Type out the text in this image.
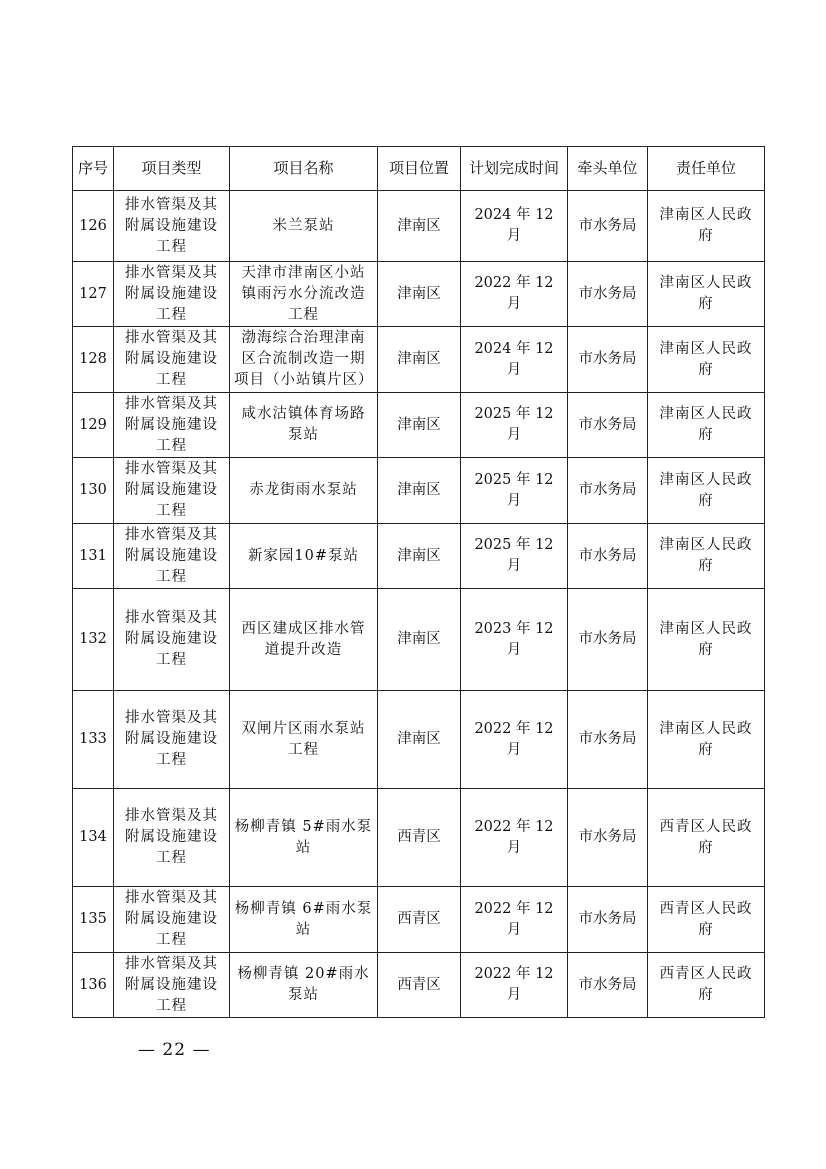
序号	项目类型	项目名称	项目位置	计划完成时间	牵头单位	责任单位
126	排水管渠及其附属设施建设工程	米兰泵站	津南区	2024 年 12 月	市水务局	津南区人民政府
127	排水管渠及其附属设施建设工程	天津市津南区小站镇雨污水分流改造工程	津南区	2022 年 12 月	市水务局	津南区人民政府
128	排水管渠及其附属设施建设工程	渤海综合治理津南区合流制改造一期项目（小站镇片区）	津南区	2024 年 12 月	市水务局	津南区人民政府
129	排水管渠及其附属设施建设工程	咸水沽镇体育场路泵站	津南区	2025 年 12 月	市水务局	津南区人民政府
130	排水管渠及其附属设施建设工程	赤龙街雨水泵站	津南区	2025 年 12 月	市水务局	津南区人民政府
131	排水管渠及其附属设施建设工程	新家园10#泵站	津南区	2025 年 12 月	市水务局	津南区人民政府
132	排水管渠及其附属设施建设工程	西区建成区排水管道提升改造	津南区	2023 年 12 月	市水务局	津南区人民政府
133	排水管渠及其附属设施建设工程	双闸片区雨水泵站工程	津南区	2022 年 12 月	市水务局	津南区人民政府
134	排水管渠及其附属设施建设工程	杨柳青镇 5#雨水泵站	西青区	2022 年 12 月	市水务局	西青区人民政府
135	排水管渠及其附属设施建设工程	杨柳青镇 6#雨水泵站	西青区	2022 年 12 月	市水务局	西青区人民政府
136	排水管渠及其附属设施建设工程	杨柳青镇 20#雨水泵站	西青区	2022 年 12 月	市水务局	西青区人民政府
— 22 —
